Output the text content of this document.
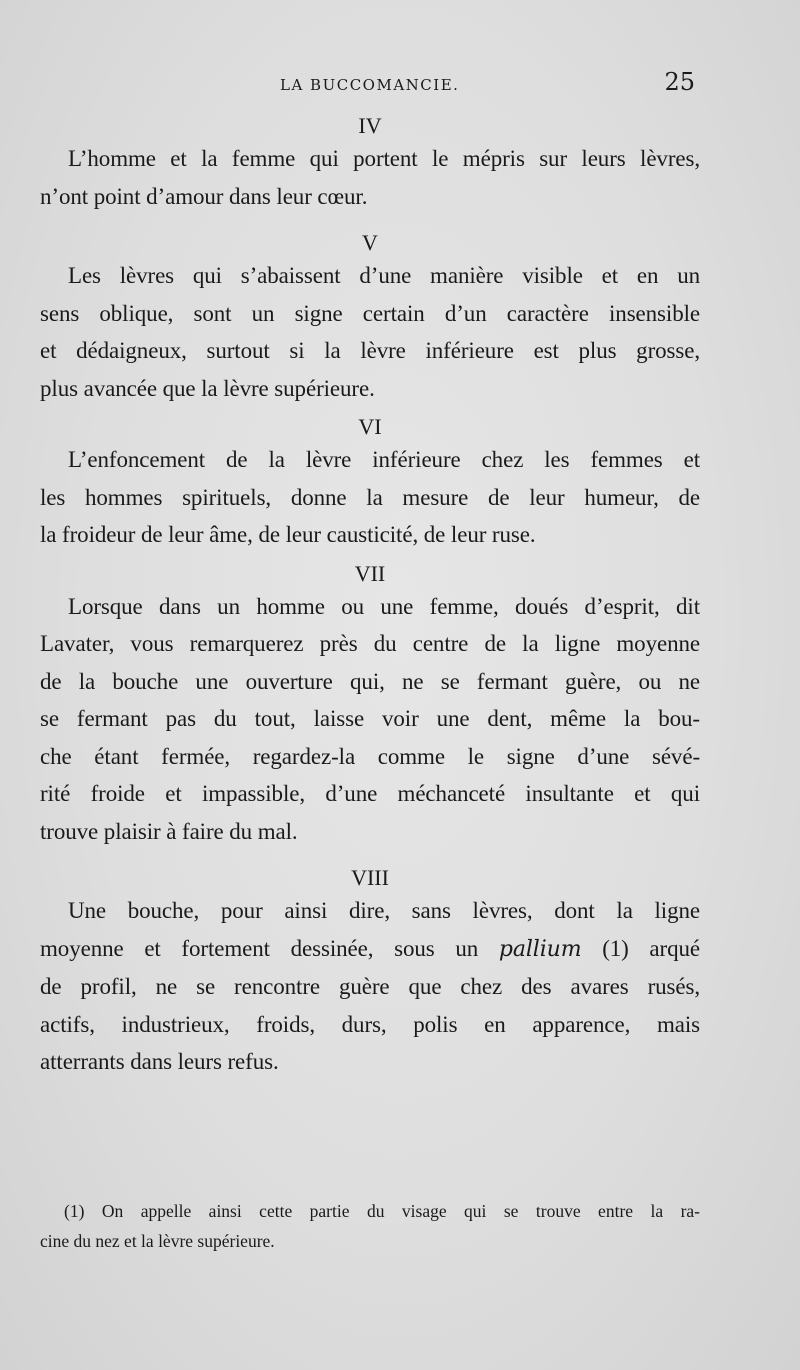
LA BUCCOMANCIE.	25

IV

L’homme et la femme qui portent le mépris sur leurs lèvres,
n’ont point d’amour dans leur cœur.

V

Les lèvres qui s’abaissent d’une manière visible et en un
sens oblique, sont un signe certain d’un caractère insensible
et dédaigneux, surtout si la lèvre inférieure est plus grosse,
plus avancée que la lèvre supérieure.

VI

L’enfoncement de la lèvre inférieure chez les femmes et
les hommes spirituels, donne la mesure de leur humeur, de
la froideur de leur âme, de leur causticité, de leur ruse.

VII

Lorsque dans un homme ou une femme, doués d’esprit, dit
Lavater, vous remarquerez près du centre de la ligne moyenne
de la bouche une ouverture qui, ne se fermant guère, ou ne
se fermant pas du tout, laisse voir une dent, même la bou-
che étant fermée, regardez-la comme le signe d’une sévé-
rité froide et impassible, d’une méchanceté insultante et qui
trouve plaisir à faire du mal.

VIII

Une bouche, pour ainsi dire, sans lèvres, dont la ligne
moyenne et fortement dessinée, sous un pallium (1) arqué
de profil, ne se rencontre guère que chez des avares rusés,
actifs, industrieux, froids, durs, polis en apparence, mais
atterrants dans leurs refus.
(1) On appelle ainsi cette partie du visage qui se trouve entre la ra-
cine du nez et la lèvre supérieure.
